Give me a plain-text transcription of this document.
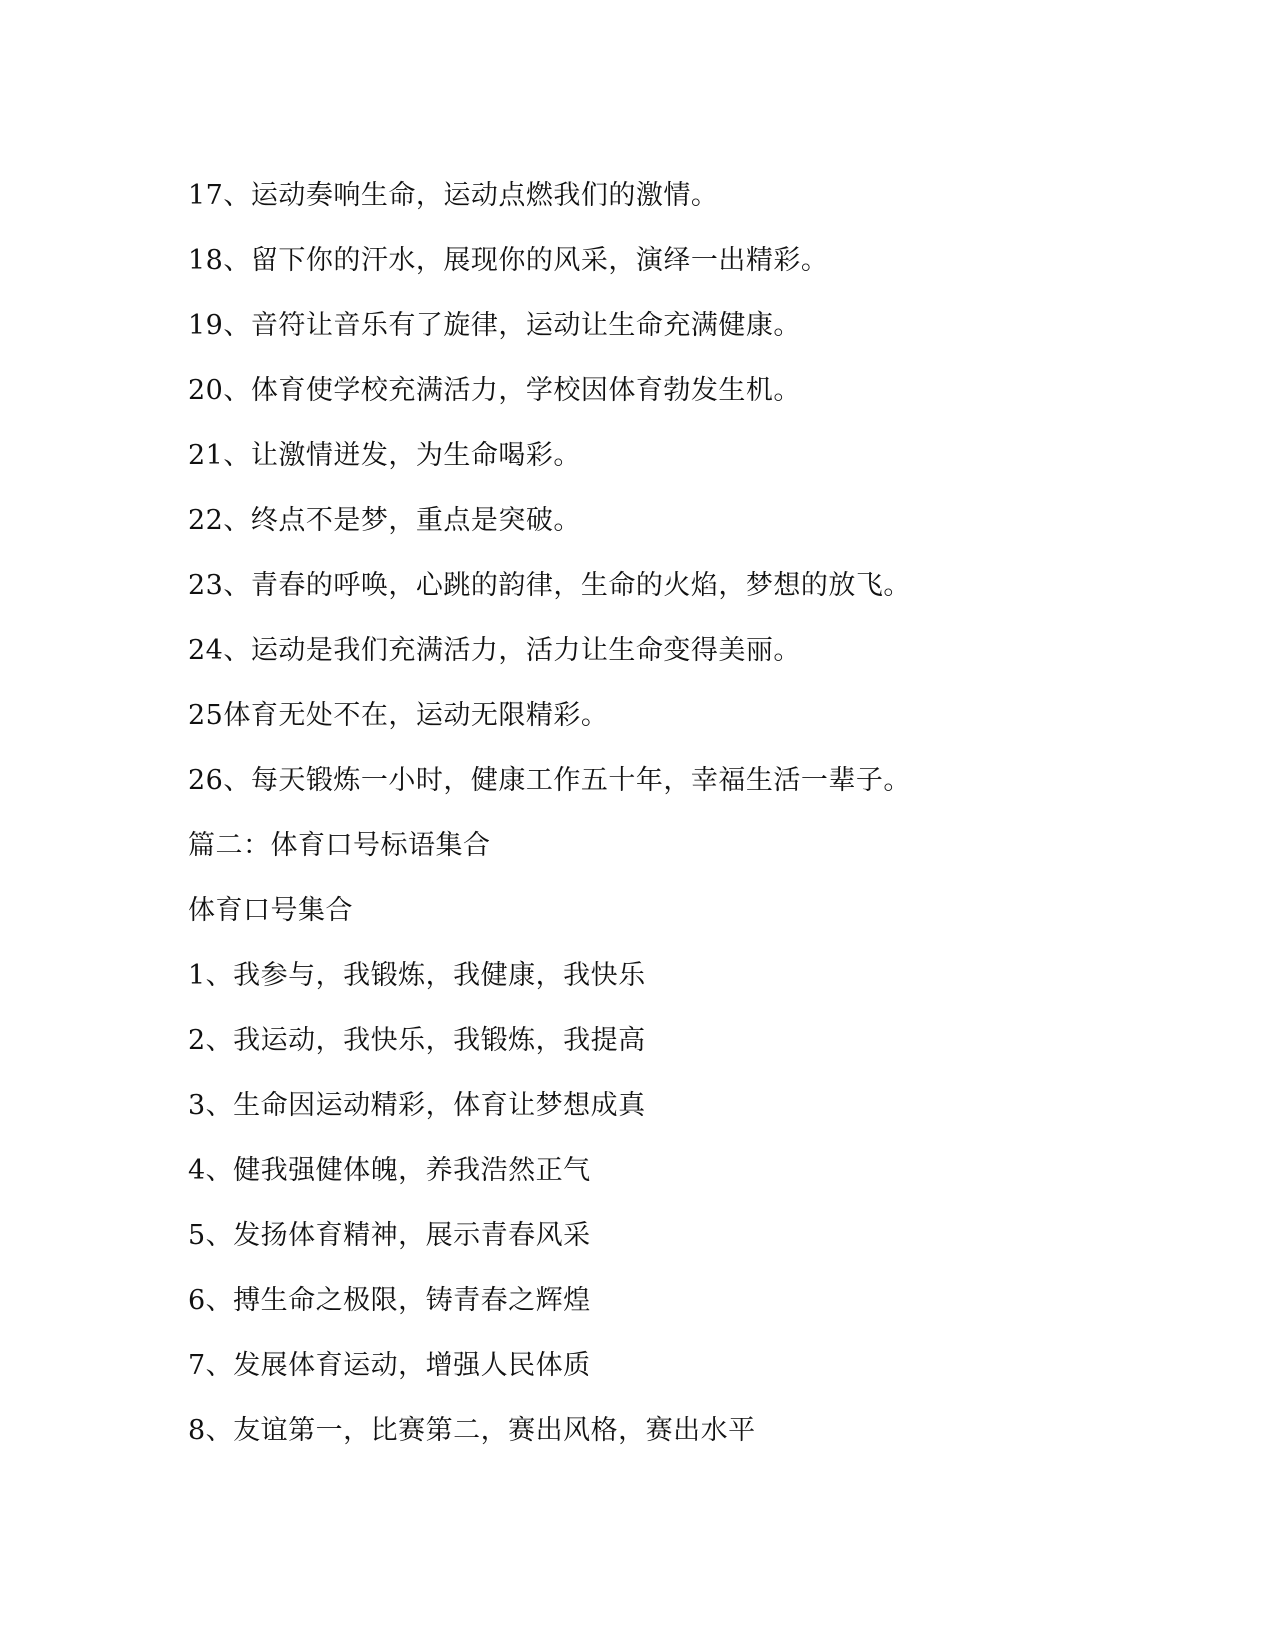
17、运动奏响生命，运动点燃我们的激情。
18、留下你的汗水，展现你的风采，演绎一出精彩。
19、音符让音乐有了旋律，运动让生命充满健康。
20、体育使学校充满活力，学校因体育勃发生机。
21、让激情迸发，为生命喝彩。
22、终点不是梦，重点是突破。
23、青春的呼唤，心跳的韵律，生命的火焰，梦想的放飞。
24、运动是我们充满活力，活力让生命变得美丽。
25体育无处不在，运动无限精彩。
26、每天锻炼一小时，健康工作五十年，幸福生活一辈子。
篇二：体育口号标语集合
体育口号集合
1、我参与，我锻炼，我健康，我快乐
2、我运动，我快乐，我锻炼，我提高
3、生命因运动精彩，体育让梦想成真
4、健我强健体魄，养我浩然正气
5、发扬体育精神，展示青春风采
6、搏生命之极限，铸青春之辉煌
7、发展体育运动，增强人民体质
8、友谊第一，比赛第二，赛出风格，赛出水平
